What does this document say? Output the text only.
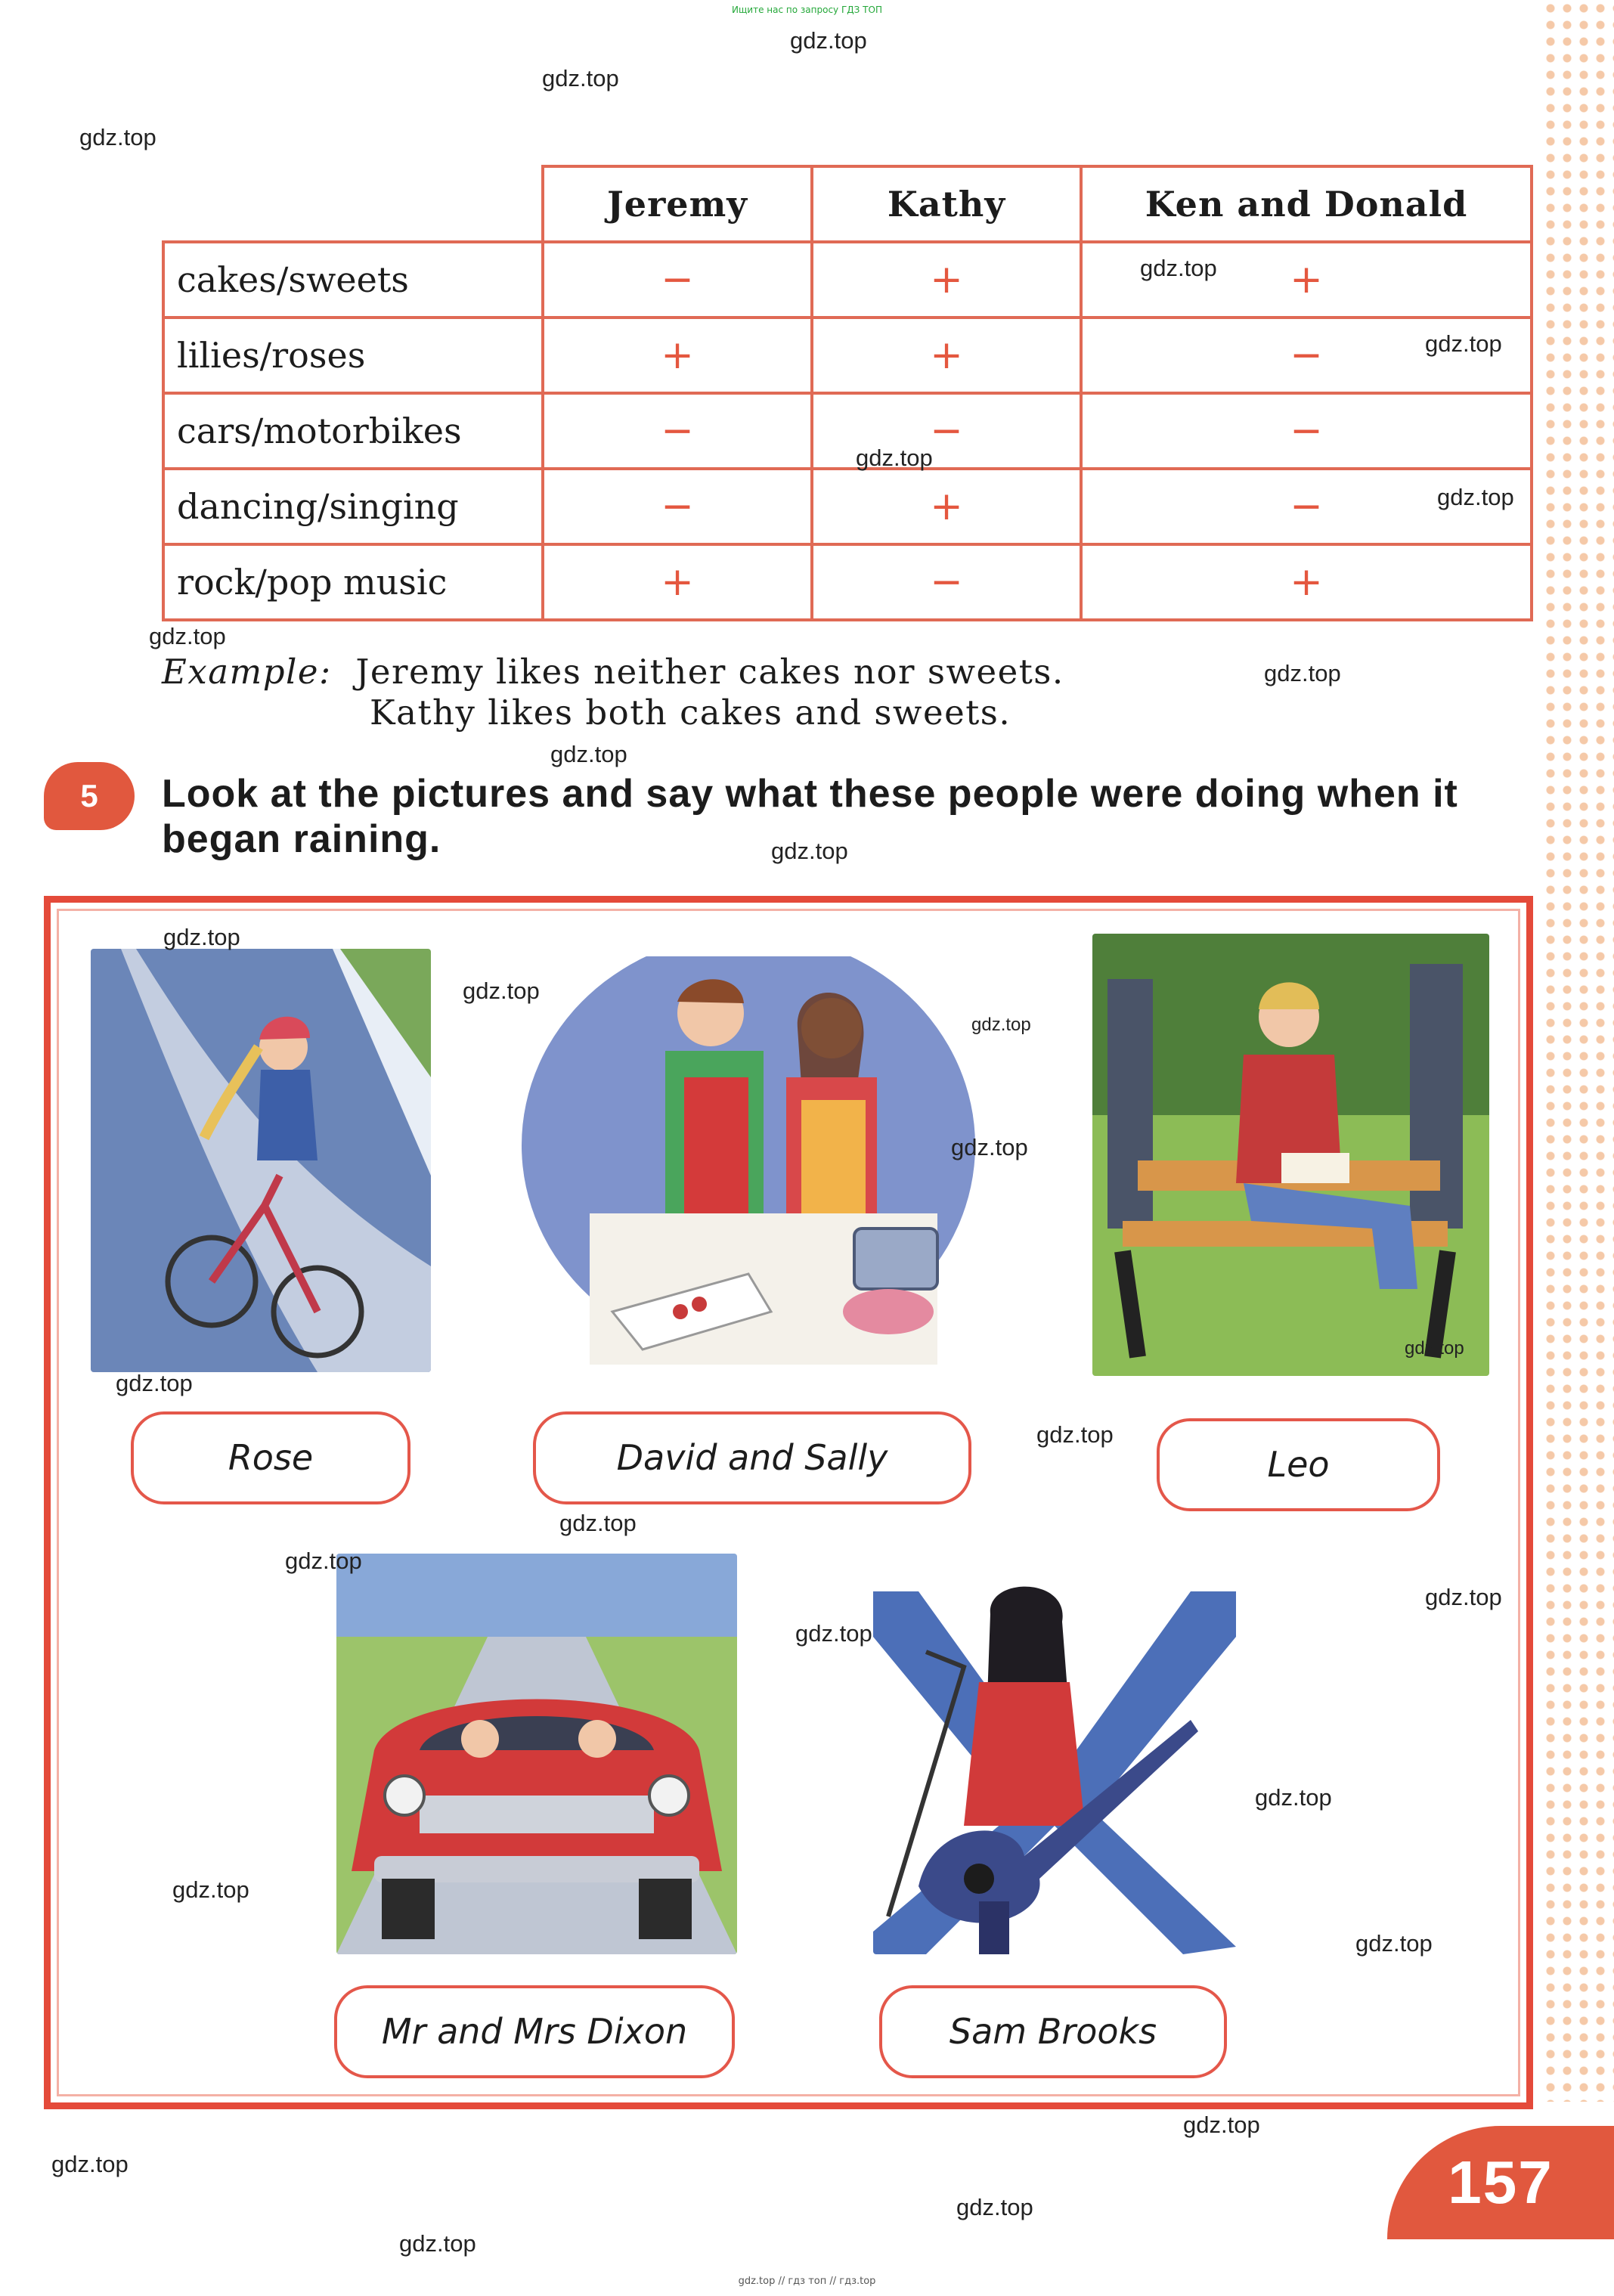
Ищите нас по запросу ГДЗ ТОП
gdz.top
gdz.top
gdz.top
	Jeremy	Kathy	Ken and Donald
cakes/sweets	−	+	+
lilies/roses	+	+	−
cars/motorbikes	−	−	−
dancing/singing	−	+	−
rock/pop music	+	−	+
gdz.top
gdz.top
gdz.top
gdz.top
gdz.top
gdz.top
Example: Jeremy likes neither cakes nor sweets.
Kathy likes both cakes and sweets.
gdz.top
5	Look at the pictures and say what these people were doing when it began raining.	gdz.top
Rose	David and Sally	Leo
Mr and Mrs Dixon	Sam Brooks
gdz.top
gdz.top
gdz.top
gdz.top
gdz.top
gdz.top
gdz.top
gdz.top
gdz.top
gdz.top
gdz.top
gdz.top
gdz.top
gdz.top
gdz.top
gdz.top
gdz.top
gdz.top
157
gdz.top // гдз топ // гдз.top
